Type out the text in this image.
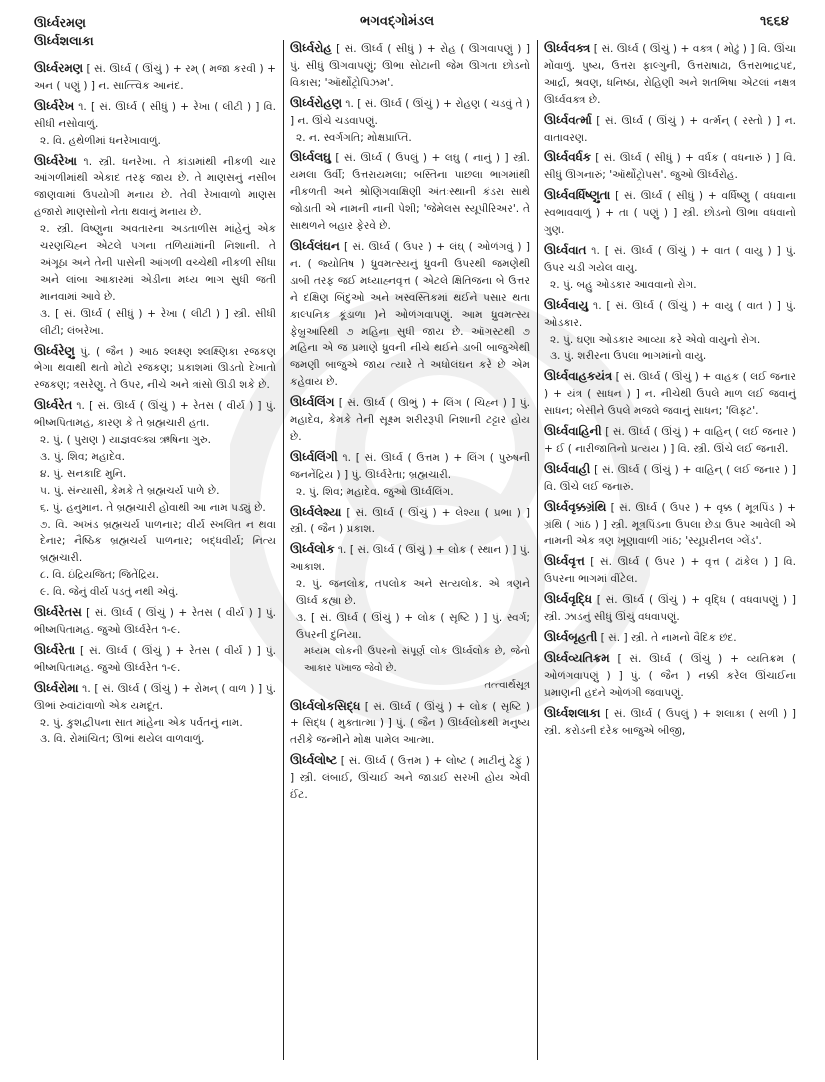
ઊર્ધ્વરમણ
ઊર્ધ્વશલાકા
ભગવદ્ગોમંડલ	૧૬૬૪
ઊર્ધ્વરમણ [ સં. ઊર્ધ્વ ( ઊંચું ) + રમ્ ( મજા કરવી ) + અન ( પણું ) ] ન. સાત્ત્વિક આનંદ.
ઊર્ધ્વરેખ ૧. [ સં. ઊર્ધ્વ ( સીધું ) + રેખા ( લીટી ) ] વિ. સીધી નસોવાળું.
૨. વિ. હથેળીમાં ધનરેખાવાળું.
ઊર્ધ્વરેખા ૧. સ્ત્રી. ધનરેખા. તે કાંડામાંથી નીકળી ચાર આંગળીમાંથી એકાદ તરફ જાય છે. તે માણસનું નસીબ જાણવામાં ઉપયોગી મનાય છે. તેવી રેખાવાળો માણસ હજારો માણસોનો નેતા થવાનું મનાય છે.
૨. સ્ત્રી. વિષ્ણુના અવતારના અડતાળીસ માંહેનું એક ચરણચિહ્ન એટલે પગના તળિયાંમાંની નિશાની. તે અંગૂઠા અને તેની પાસેની આંગળી વચ્ચેથી નીકળી સીધા અને લાંબા આકારમાં એડીના મધ્ય ભાગ સુધી જતી માનવામાં આવે છે.
૩. [ સં. ઊર્ધ્વ ( સીધું ) + રેખા ( લીટી ) ] સ્ત્રી. સીધી લીટી; લંબરેખા.
ઊર્ધ્વરેણુ પું. ( જૈન ) આઠ શ્લક્ષ્ણ શ્લક્ષ્ણિકા રજકણ ભેગા થવાથી થતો મોટો રજકણ; પ્રકાશમાં ઊડતો દેખાતો રજકણ; ત્રસરેણુ. તે ઉપર, નીચે અને ત્રાંસો ઊડી શકે છે.
ઊર્ધ્વરેત ૧. [ સં. ઊર્ધ્વ ( ઊંચું ) + રેતસ ( વીર્ય ) ] પું. ભીષ્મપિતામહ, કારણ કે તે બ્રહ્મચારી હતા.
૨. પું. ( પુરાણ ) યાજ્ઞવલ્ક્ય ઋષિના ગુરુ.
૩. પું. શિવ; મહાદેવ.
૪. પું. સનકાદિ મુનિ.
૫. પું. સંન્યાસી, કેમકે તે બ્રહ્મચર્ય પાળે છે.
૬. પું. હનુમાન. તે બ્રહ્મચારી હોવાથી આ નામ પડ્યું છે.
૭. વિ. અખંડ બ્રહ્મચર્ય પાળનાર; વીર્ય સ્ખલિત ન થવા દેનાર; નૈષ્ઠિક બ્રહ્મચર્ય પાળનાર; બદ્ધવીર્ય; નિત્ય બ્રહ્મચારી.
૮. વિ. ઇંદ્રિયજિત; જિતેંદ્રિય.
૯. વિ. જેનું વીર્ય પડતું નથી એવું.
ઊર્ધ્વરેતસ [ સં. ઊર્ધ્વ ( ઊંચું ) + રેતસ ( વીર્ય ) ] પું. ભીષ્મપિતામહ. જુઓ ઊર્ધ્વરેત ૧-૯.
ઊર્ધ્વરેતા [ સં. ઊર્ધ્વ ( ઊંચું ) + રેતસ ( વીર્ય ) ] પું. ભીષ્મપિતામહ. જુઓ ઊર્ધ્વરેત ૧-૯.
ઊર્ધ્વરોમા ૧. [ સં. ઊર્ધ્વ ( ઊંચું ) + રોમન્ ( વાળ ) ] પું. ઊભાં રુવાંટાંવાળો એક યમદૂત.
૨. પું. કુશદ્વીપના સાત માંહેના એક પર્વતનું નામ.
૩. વિ. રોમાંચિત; ઊભાં થયેલ વાળવાળું.
ઊર્ધ્વરોહ [ સં. ઊર્ધ્વ ( સીધું ) + રોહ ( ઊગવાપણું ) ] પું. સીધું ઊગવાપણું; ઊભા સોટાની જેમ ઊગતા છોડનો વિકાસ; 'ઑર્થોટ્રોપિઝમ'.
ઊર્ધ્વરોહણ ૧. [ સં. ઊર્ધ્વ ( ઊંચું ) + રોહણ ( ચડવું તે ) ] ન. ઊંચે ચડવાપણું.
૨. ન. સ્વર્ગગતિ; મોક્ષપ્રાપ્તિ.
ઊર્ધ્વલઘુ [ સં. ઊર્ધ્વ ( ઉપલું ) + લઘુ ( નાનું ) ] સ્ત્રી. યમલા ઉર્વી; ઉત્તરાયમલા; બસ્તિના પાછલા ભાગમાંથી નીકળતી અને શ્રોણિગવાક્ષિણી અંતઃસ્થાની કંડરા સાથે જોડાતી એ નામની નાની પેશી; 'જેમેલસ સ્યૂપીરિઅર'. તે સાથળને બહાર ફેરવે છે.
ઊર્ધ્વલંઘન [ સં. ઊર્ધ્વ ( ઉપર ) + લંઘ્ ( ઓળંગવું ) ] ન. ( જ્યોતિષ ) ધ્રુવમત્સ્યનું ધ્રુવની ઉપરથી જમણેથી ડાબી તરફ જઈ મધ્યાહ્નવૃત્ત ( એટલે ક્ષિતિજના બે ઉત્તર ને દક્ષિણ બિંદુઓ અને ખસ્વસ્તિકમાં થઈને પસાર થતા કાલ્પનિક કૂંડાળા )ને ઓળંગવાપણું. આમ ધ્રુવમત્સ્ય ફેબ્રુઆરિથી ૭ મહિના સુધી જાય છે. ઑગસ્ટથી ૭ મહિના એ જ પ્રમાણે ધ્રુવની નીચે થઈને ડાબી બાજુએથી જમણી બાજુએ જાય ત્યારે તે અધોલંઘન કરે છે એમ કહેવાય છે.
ઊર્ધ્વલિંગ [ સં. ઊર્ધ્વ ( ઊભું ) + લિંગ ( ચિહ્ન ) ] પું. મહાદેવ, કેમકે તેની સૂક્ષ્મ શરીરરૂપી નિશાની ટટ્ટાર હોય છે.
ઊર્ધ્વલિંગી ૧. [ સં. ઊર્ધ્વ ( ઉત્તમ ) + લિંગ ( પુરુષની જનનેંદ્રિય ) ] પું. ઊર્ધ્વરેતા; બ્રહ્મચારી.
૨. પું. શિવ; મહાદેવ. જુઓ ઊર્ધ્વલિંગ.
ઊર્ધ્વલેશ્યા [ સં. ઊર્ધ્વ ( ઊંચું ) + લેશ્યા ( પ્રભા ) ] સ્ત્રી. ( જૈન ) પ્રકાશ.
ઊર્ધ્વલોક ૧. [ સં. ઊર્ધ્વ ( ઊંચું ) + લોક ( સ્થાન ) ] પું. આકાશ.
૨. પું. જનલોક, તપલોક અને સત્યલોક. એ ત્રણને ઊર્ધ્વ કહ્યા છે.
૩. [ સં. ઊર્ધ્વ ( ઊંચું ) + લોક ( સૃષ્ટિ ) ] પું. સ્વર્ગ; ઉપરની દુનિયા.
મધ્યમ લોકની ઉપરનો સંપૂર્ણ લોક ઊર્ધ્વલોક છે, જેનો આકાર પખાજ જેવો છે.
તત્ત્વાર્થસૂત્ર
ઊર્ધ્વલોકસિદ્ધ [ સં. ઊર્ધ્વ ( ઊંચું ) + લોક ( સૃષ્ટિ ) + સિદ્ધ ( મુક્તાત્મા ) ] પું. ( જૈન ) ઊર્ધ્વલોકથી મનુષ્ય તરીકે જન્મીને મોક્ષ પામેલ આત્મા.
ઊર્ધ્વલોષ્ટ [ સં. ઊર્ધ્વ ( ઉત્તમ ) + લોષ્ટ ( માટીનું ઢેફું ) ] સ્ત્રી. લંબાઈ, ઊંચાઈ અને જાડાઈ સરખી હોય એવી ઈંટ.
ઊર્ધ્વવક્ત્ર [ સં. ઊર્ધ્વ ( ઊંચું ) + વક્ત્ર ( મોઢું ) ] વિ. ઊંચા મોંવાળું. પુષ્ય, ઉત્તરા ફાલ્ગુની, ઉત્તરાષાઢા, ઉત્તરાભાદ્રપદ, આર્દ્રા, શ્રવણ, ધનિષ્ઠા, રોહિણી અને શતભિષા એટલાં નક્ષત્ર ઊર્ધ્વવક્ત્ર છે.
ઊર્ધ્વવર્ત્મા [ સં. ઊર્ધ્વ ( ઊંચું ) + વર્ત્મન્ ( રસ્તો ) ] ન. વાતાવરણ.
ઊર્ધ્વવર્ધક [ સં. ઊર્ધ્વ ( સીધું ) + વર્ધક ( વધનારું ) ] વિ. સીધું ઊગનારું; 'ઑર્થોટ્રોપસ'. જુઓ ઊર્ધ્વરોહ.
ઊર્ધ્વવર્ધિષ્ણુતા [ સં. ઊર્ધ્વ ( સીધું ) + વર્ધિષ્ણુ ( વધવાના સ્વભાવવાળું ) + તા ( પણું ) ] સ્ત્રી. છોડનો ઊભા વધવાનો ગુણ.
ઊર્ધ્વવાત ૧. [ સં. ઊર્ધ્વ ( ઊંચું ) + વાત ( વાયુ ) ] પું. ઉપર ચડી ગયેલ વાયુ.
૨. પું. બહુ ઓડકાર આવવાનો રોગ.
ઊર્ધ્વવાયુ ૧. [ સં. ઊર્ધ્વ ( ઊંચું ) + વાયુ ( વાત ) ] પું. ઓડકાર.
૨. પું. ઘણા ઓડકાર આવ્યા કરે એવો વાયુનો રોગ.
૩. પું. શરીરના ઉપલા ભાગમાંનો વાયુ.
ઊર્ધ્વવાહકયંત્ર [ સં. ઊર્ધ્વ ( ઊંચું ) + વાહક ( લઈ જનાર ) + યંત્ર ( સાધન ) ] ન. નીચેથી ઉપલે માળ લઈ જવાનું સાધન; બેસીને ઉપલે મજલે જવાનું સાધન; 'લિફ્ટ'.
ઊર્ધ્વવાહિની [ સં. ઊર્ધ્વ ( ઊંચું ) + વાહિન્ ( લઈ જનાર ) + ઈ ( નારીજાતિનો પ્રત્યય ) ] વિ. સ્ત્રી. ઊંચે લઈ જનારી.
ઊર્ધ્વવાહી [ સં. ઊર્ધ્વ ( ઊંચું ) + વાહિન્ ( લઈ જનાર ) ] વિ. ઊંચે લઈ જનારું.
ઊર્ધ્વવૃક્કગ્રંથિ [ સં. ઊર્ધ્વ ( ઉપર ) + વૃક્ક ( મૂત્રપિંડ ) + ગ્રંથિ ( ગાંઠ ) ] સ્ત્રી. મૂત્રપિંડના ઉપલા છેડા ઉપર આવેલી એ નામની એક ત્રણ ખૂણાવાળી ગાંઠ; 'સ્યૂપ્રરીનલ ગ્લેંડ'.
ઊર્ધ્વવૃત્ત [ સં. ઊર્ધ્વ ( ઉપર ) + વૃત્ત ( ઢાંકેલ ) ] વિ. ઉપરના ભાગમાં વીંટેલ.
ઊર્ધ્વવૃદ્ધિ [ સં. ઊર્ધ્વ ( ઊંચું ) + વૃદ્ધિ ( વધવાપણું ) ] સ્ત્રી. ઝાડનું સીધું ઊંચું વધવાપણું.
ઊર્ધ્વબૃહતી [ સં. ] સ્ત્રી. તે નામનો વૈદિક છંદ.
ઊર્ધ્વવ્યતિક્રમ [ સં. ઊર્ધ્વ ( ઊંચું ) + વ્યતિક્રમ ( ઓળંગવાપણું ) ] પું. ( જૈન ) નક્કી કરેલ ઊંચાઈના પ્રમાણની હદને ઓળંગી જવાપણું.
ઊર્ધ્વશલાકા [ સં. ઊર્ધ્વ ( ઉપલું ) + શલાકા ( સળી ) ] સ્ત્રી. કરોડની દરેક બાજુએ બીજી,
